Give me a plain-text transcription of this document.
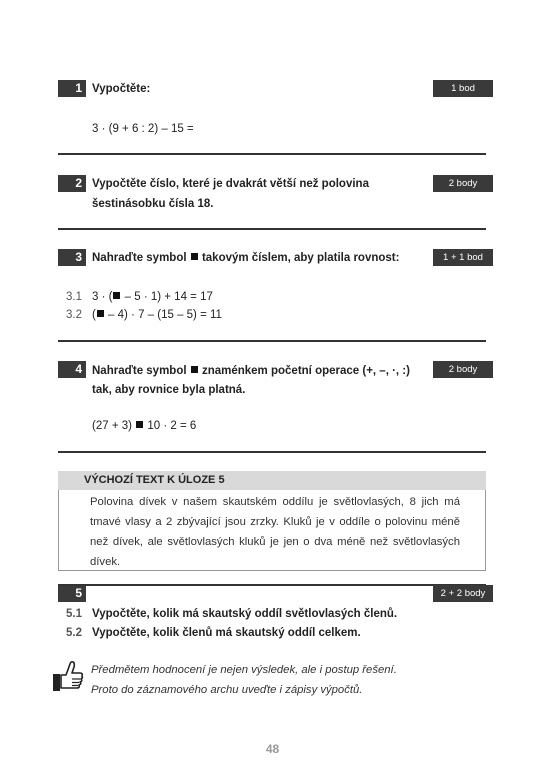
1 Vypočtěte:	1 bod
3 · (9 + 6 : 2) – 15 =
2 Vypočtěte číslo, které je dvakrát větší než polovina
šestinásobku čísla 18.
2 body
3 Nahraďte symbol takovým číslem, aby platila rovnost:	1 + 1 bod
3.1 3 · ( – 5 · 1) + 14 = 17
3.2 ( – 4) · 7 – (15 – 5) = 11
4 Nahraďte symbol znaménkem početní operace (+, –, ·, :)
tak, aby rovnice byla platná.
2 body
(27 + 3) 10 · 2 = 6
VÝCHOZÍ TEXT K ÚLOZE 5
Polovina dívek v našem skautském oddílu je světlovlasých, 8 jich má tmavé vlasy a 2 zbývající jsou zrzky. Kluků je v oddíle o polovinu méně než dívek, ale světlovlasých kluků je jen o dva méně než světlovlasých dívek.
5	2 + 2 body
5.1 Vypočtěte, kolik má skautský oddíl světlovlasých členů.
5.2 Vypočtěte, kolik členů má skautský oddíl celkem.
Předmětem hodnocení je nejen výsledek, ale i postup řešení.
Proto do záznamového archu uveďte i zápisy výpočtů.
48
